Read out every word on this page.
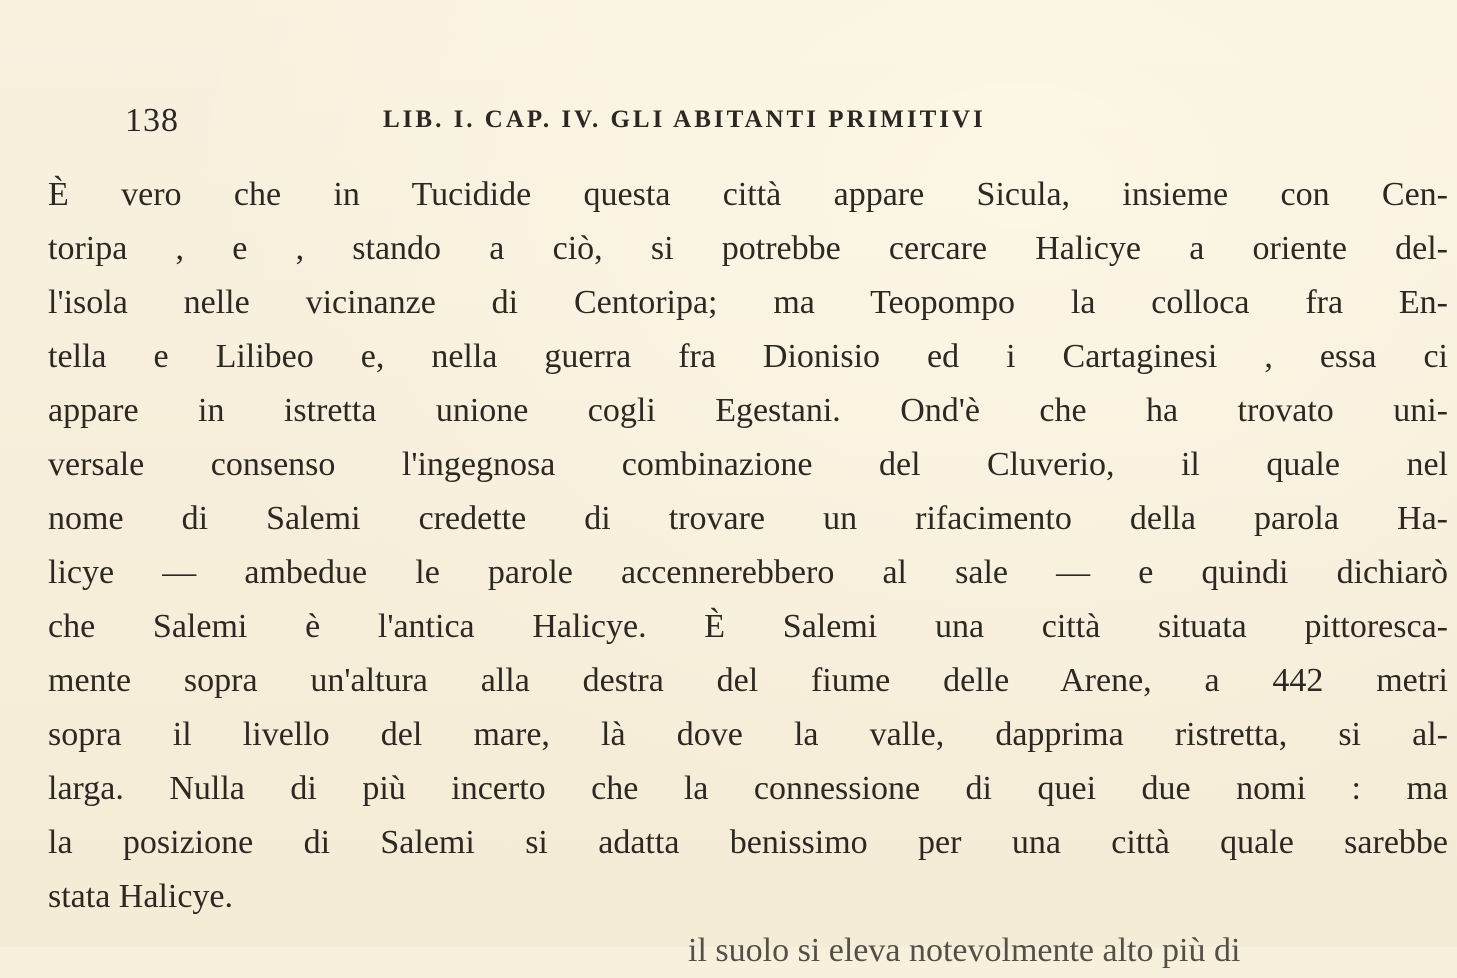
138	LIB. I. CAP. IV. GLI ABITANTI PRIMITIVI
È vero che in Tucidide questa città appare Sicula, insieme con Cen-
toripa , e , stando a ciò, si potrebbe cercare Halicye a oriente del-
l'isola nelle vicinanze di Centoripa; ma Teopompo la colloca fra En-
tella e Lilibeo e, nella guerra fra Dionisio ed i Cartaginesi , essa ci
appare in istretta unione cogli Egestani. Ond'è che ha trovato uni-
versale consenso l'ingegnosa combinazione del Cluverio, il quale nel
nome di Salemi credette di trovare un rifacimento della parola Ha-
licye — ambedue le parole accennerebbero al sale — e quindi dichiarò
che Salemi è l'antica Halicye. È Salemi una città situata pittoresca-
mente sopra un'altura alla destra del fiume delle Arene, a 442 metri
sopra il livello del mare, là dove la valle, dapprima ristretta, si al-
larga. Nulla di più incerto che la connessione di quei due nomi : ma
la posizione di Salemi si adatta benissimo per una città quale sarebbe
stata Halicye.
il suolo si eleva notevolmente alto più di
